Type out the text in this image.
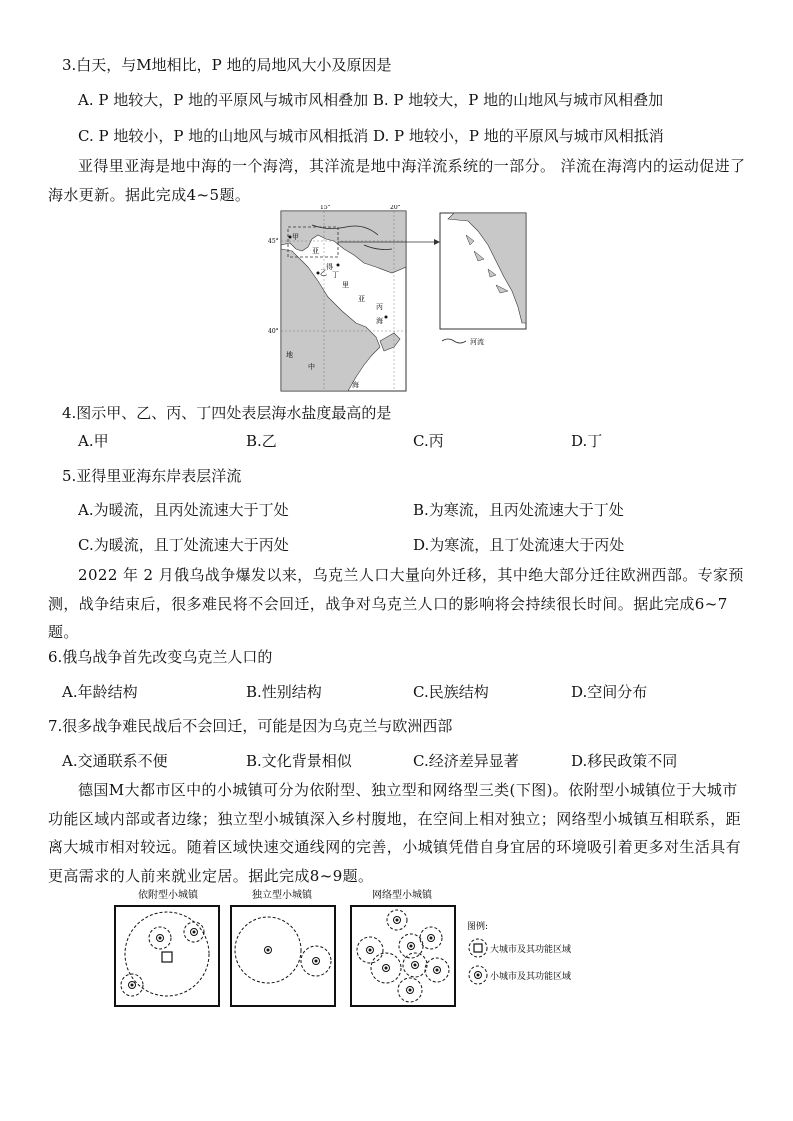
3.白天，与M地相比，P 地的局地风大小及原因是
A. P 地较大，P 地的平原风与城市风相叠加 B. P 地较大，P 地的山地风与城市风相叠加
C. P 地较小，P 地的山地风与城市风相抵消 D. P 地较小，P 地的平原风与城市风相抵消
亚得里亚海是地中海的一个海湾，其洋流是地中海洋流系统的一部分。 洋流在海湾内的运动促进了海水更新。据此完成4~5题。
15°	20°
45°
40°
甲
乙 丁
丙
亚
得
里
亚
海
地
中
海
河流
4.图示甲、乙、丙、丁四处表层海水盐度最高的是
A.甲	B.乙	C.丙	D.丁
5.亚得里亚海东岸表层洋流
A.为暖流，且丙处流速大于丁处	B.为寒流，且丙处流速大于丁处
C.为暖流，且丁处流速大于丙处	D.为寒流，且丁处流速大于丙处
2022 年 2 月俄乌战争爆发以来，乌克兰人口大量向外迁移，其中绝大部分迁往欧洲西部。专家预测，战争结束后，很多难民将不会回迁，战争对乌克兰人口的影响将会持续很长时间。据此完成6~7题。
6.俄乌战争首先改变乌克兰人口的
A.年龄结构	B.性别结构	C.民族结构	D.空间分布
7.很多战争难民战后不会回迁，可能是因为乌克兰与欧洲西部
A.交通联系不便	B.文化背景相似	C.经济差异显著	D.移民政策不同
德国M大都市区中的小城镇可分为依附型、独立型和网络型三类(下图)。依附型小城镇位于大城市功能区域内部或者边缘；独立型小城镇深入乡村腹地，在空间上相对独立；网络型小城镇互相联系，距离大城市相对较远。随着区域快速交通线网的完善，小城镇凭借自身宜居的环境吸引着更多对生活具有更高需求的人前来就业定居。据此完成8~9题。
依附型小城镇	独立型小城镇	网络型小城镇
图例:
大城市及其功能区域
小城市及其功能区域
